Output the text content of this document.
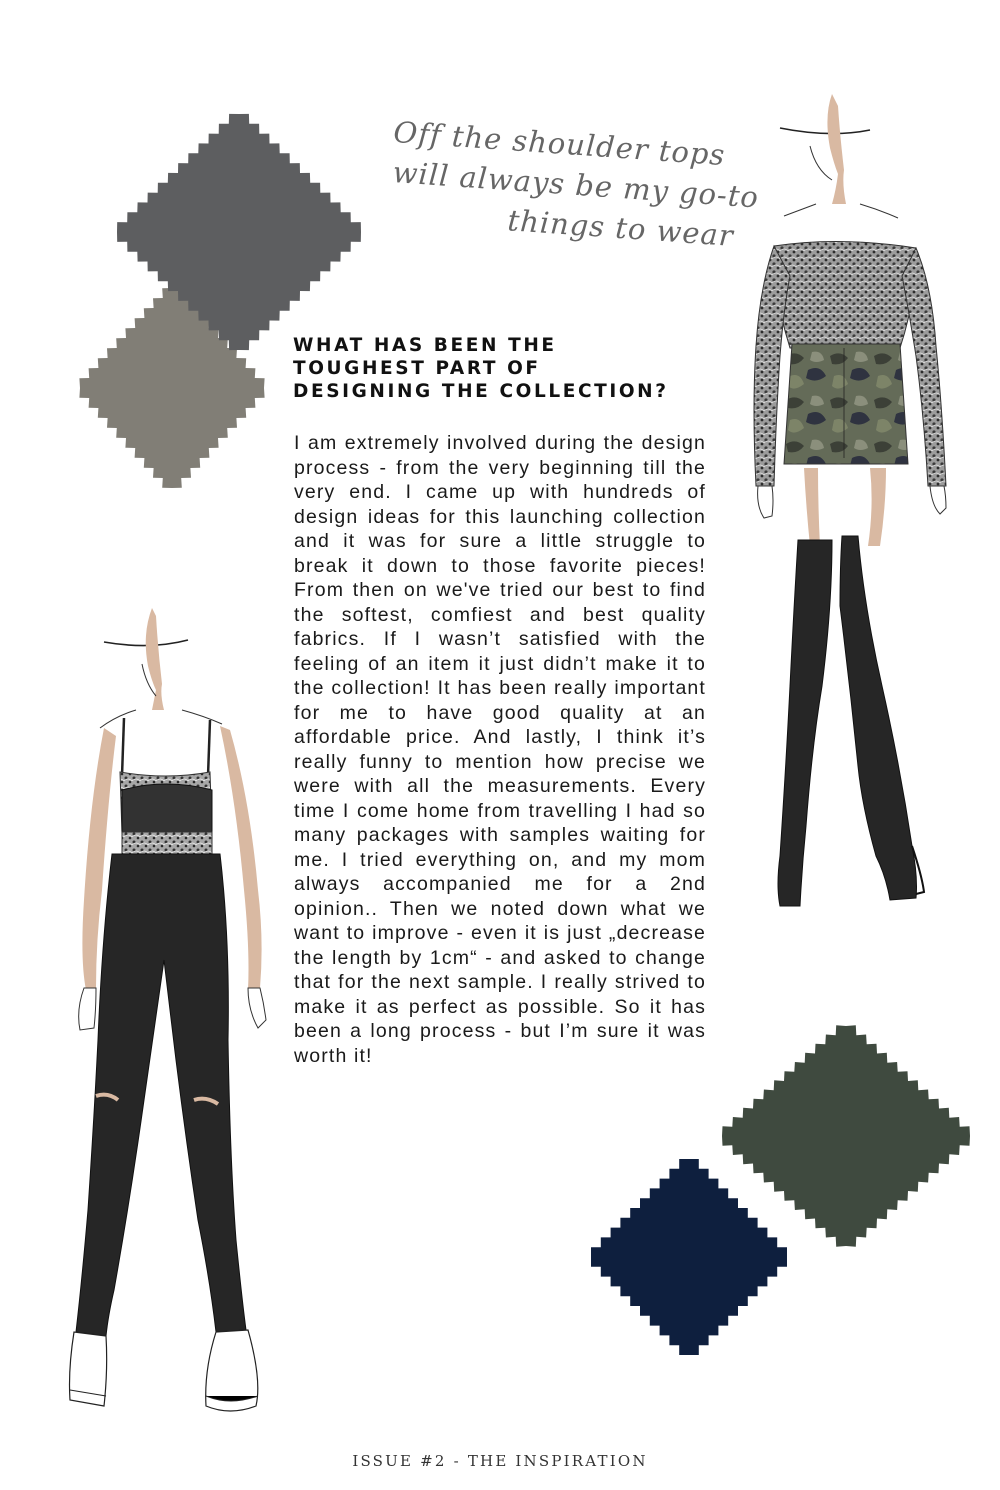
Off the shoulder tops
will always be my go-to
things to wear

WHAT HAS BEEN THE
TOUGHEST PART OF
DESIGNING THE COLLECTION?

I am extremely involved during the design process - from the very beginning till the very end. I came up with hundreds of design ideas for this launching collection and it was for sure a little struggle to break it down to those favorite pieces! From then on we've tried our best to find the softest, comfiest and best quality fabrics. If I wasn’t satisfied with the feeling of an item it just didn’t make it to the collection! It has been really important for me to have good quality at an affordable price. And lastly, I think it’s really funny to mention how precise we were with all the measurements. Every time I come home from travelling I had so many packages with samples waiting for me. I tried everything on, and my mom always accompanied me for a 2nd opinion.. Then we noted down what we want to improve - even it is just „decrease the length by 1cm“ - and asked to change that for the next sample. I really strived to make it as perfect as possible. So it has been a long process - but I’m sure it was worth it!

ISSUE #2 - THE INSPIRATION
